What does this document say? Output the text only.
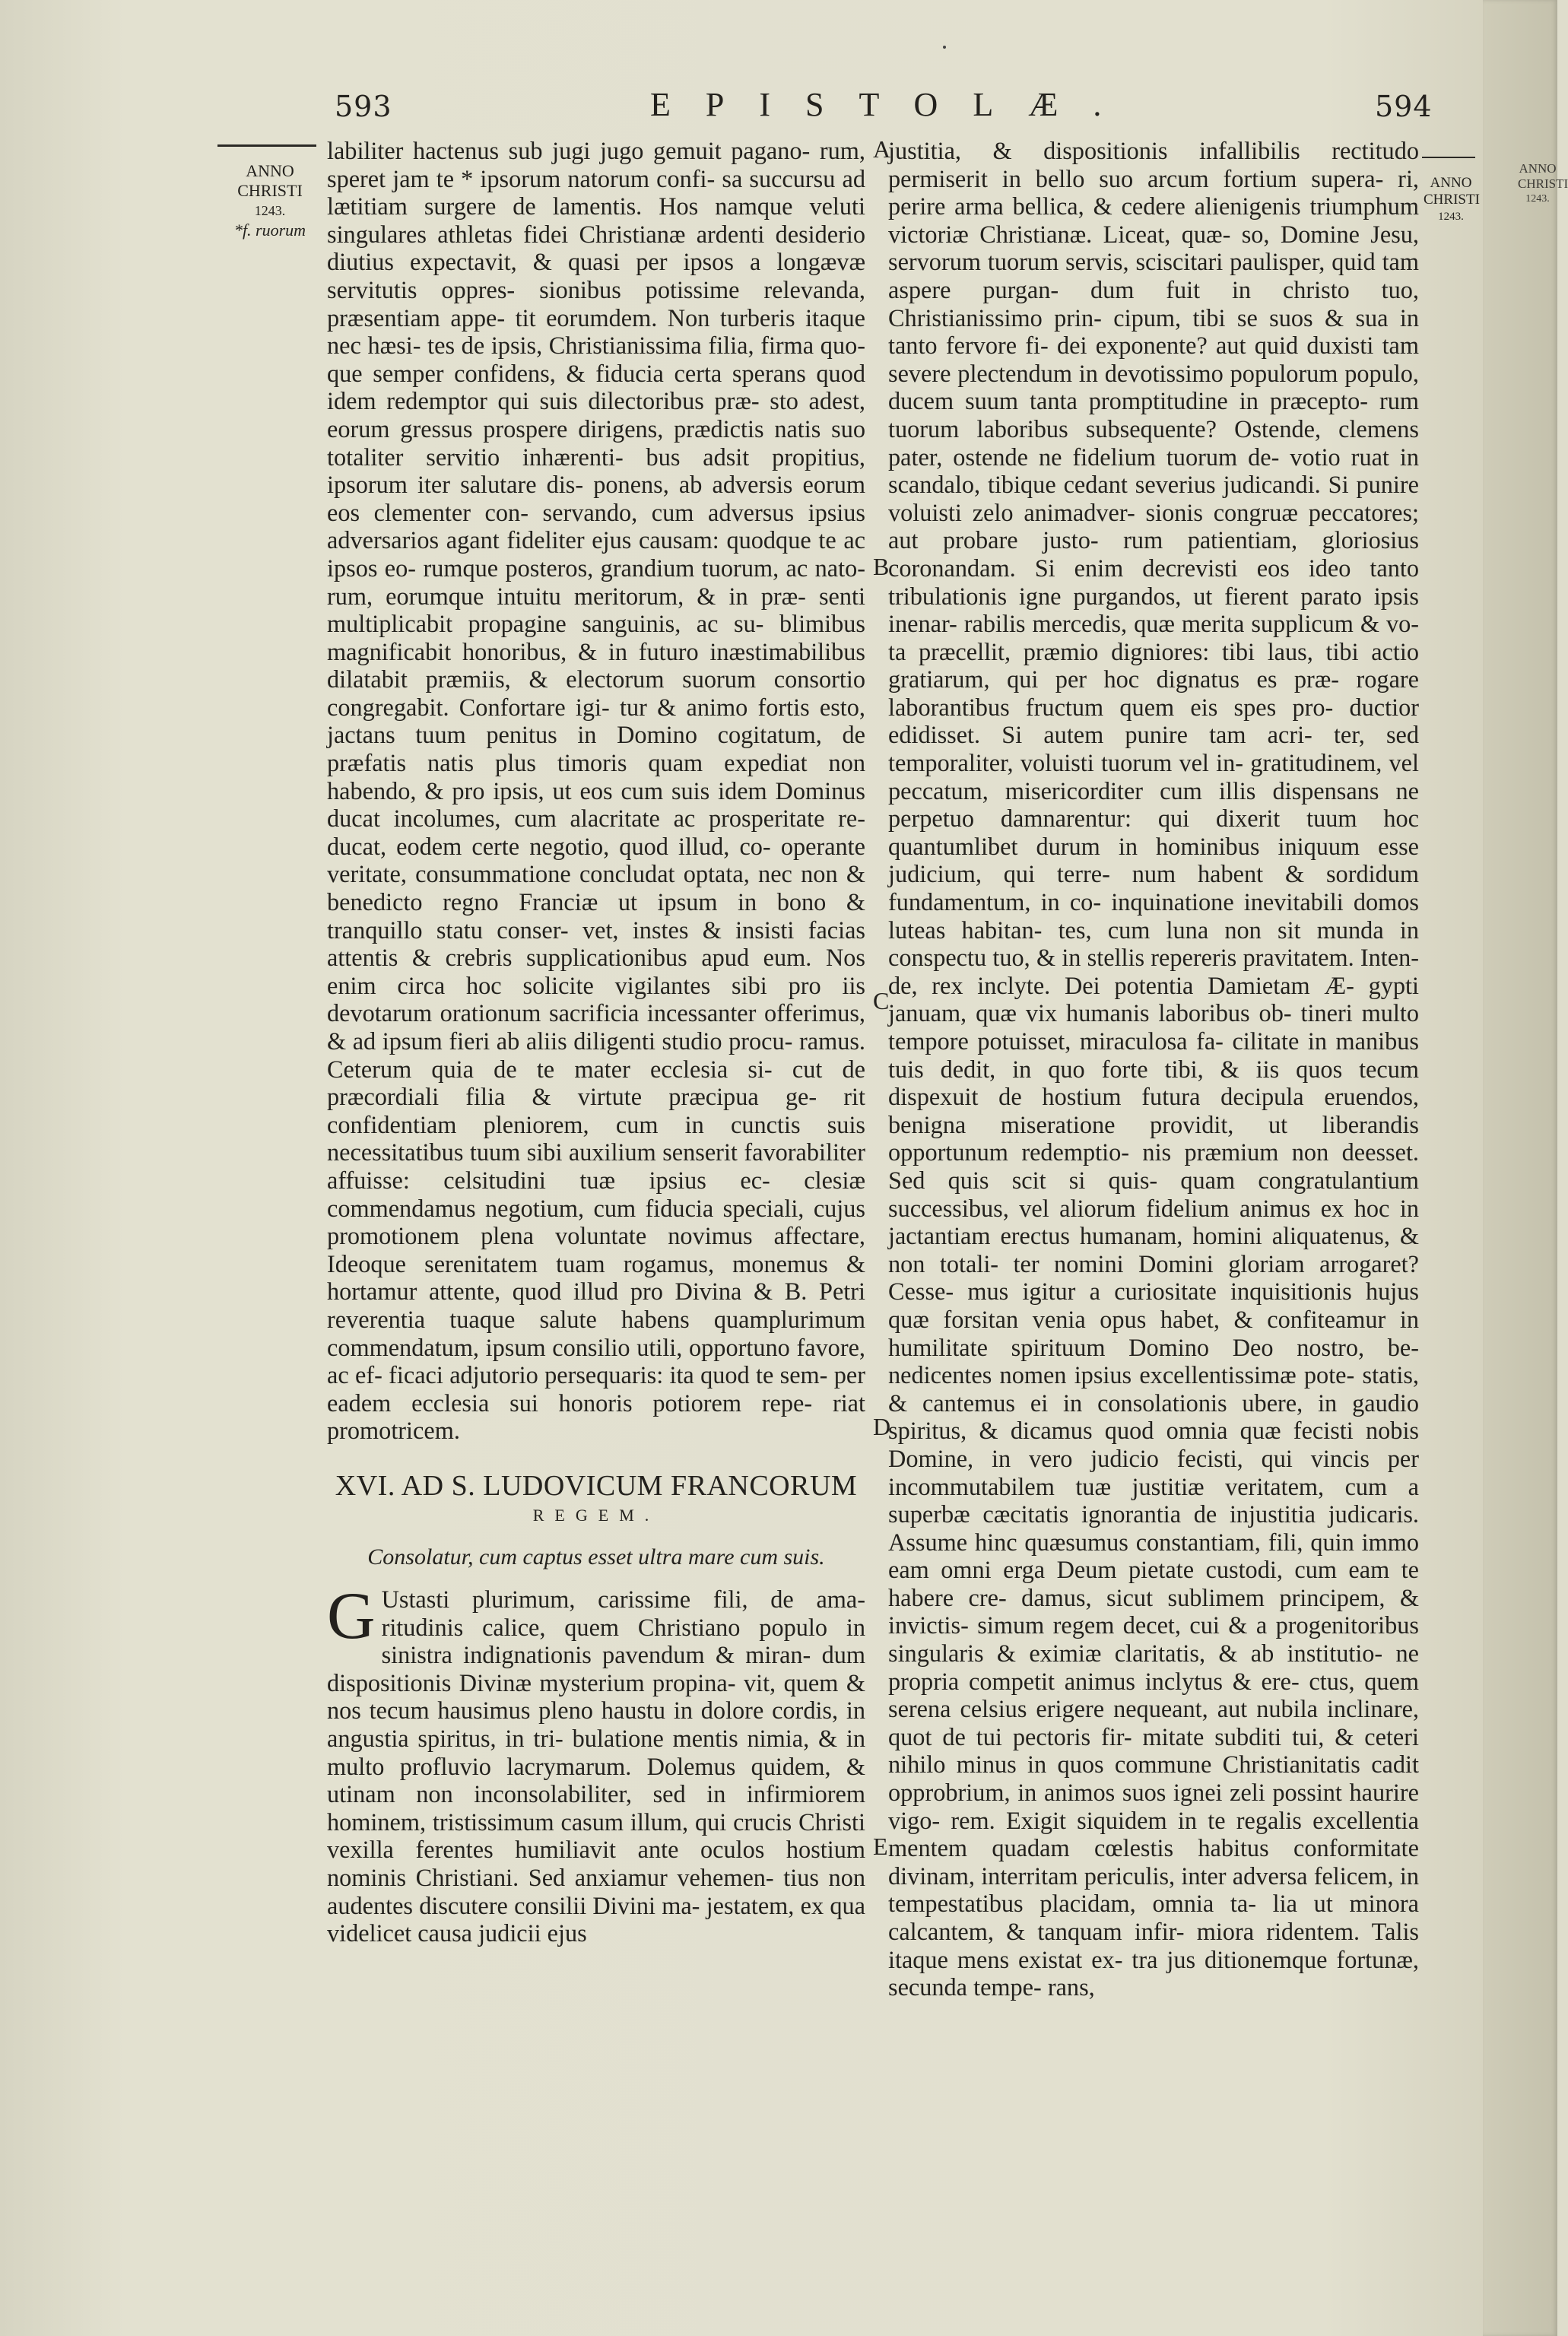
593	EPISTOLÆ.	594
ANNO
CHRISTI
1243.
*f. ruorum
ANNO
CHRISTI
1243.
ANNO
CHRISTI
1243.
A
B
C
D
E

labiliter hactenus sub jugi jugo gemuit pagano- rum, speret jam te * ipsorum natorum confi- sa succursu ad lætitiam surgere de lamentis. Hos namque veluti singulares athletas fidei Christianæ ardenti desiderio diutius expectavit, & quasi per ipsos a longævæ servitutis oppres- sionibus potissime relevanda, præsentiam appe- tit eorumdem. Non turberis itaque nec hæsi- tes de ipsis, Christianissima filia, firma quo- que semper confidens, & fiducia certa sperans quod idem redemptor qui suis dilectoribus præ- sto adest, eorum gressus prospere dirigens, prædictis natis suo totaliter servitio inhærenti- bus adsit propitius, ipsorum iter salutare dis- ponens, ab adversis eorum eos clementer con- servando, cum adversus ipsius adversarios agant fideliter ejus causam: quodque te ac ipsos eo- rumque posteros, grandium tuorum, ac nato- rum, eorumque intuitu meritorum, & in præ- senti multiplicabit propagine sanguinis, ac su- blimibus magnificabit honoribus, & in futuro inæstimabilibus dilatabit præmiis, & electorum suorum consortio congregabit. Confortare igi- tur & animo fortis esto, jactans tuum penitus in Domino cogitatum, de præfatis natis plus timoris quam expediat non habendo, & pro ipsis, ut eos cum suis idem Dominus ducat incolumes, cum alacritate ac prosperitate re- ducat, eodem certe negotio, quod illud, co- operante veritate, consummatione concludat optata, nec non & benedicto regno Franciæ ut ipsum in bono & tranquillo statu conser- vet, instes & insisti facias attentis & crebris supplicationibus apud eum. Nos enim circa hoc solicite vigilantes sibi pro iis devotarum orationum sacrificia incessanter offerimus, & ad ipsum fieri ab aliis diligenti studio procu- ramus. Ceterum quia de te mater ecclesia si- cut de præcordiali filia & virtute præcipua ge- rit confidentiam pleniorem, cum in cunctis suis necessitatibus tuum sibi auxilium senserit favorabiliter affuisse: celsitudini tuæ ipsius ec- clesiæ commendamus negotium, cum fiducia speciali, cujus promotionem plena voluntate novimus affectare, Ideoque serenitatem tuam rogamus, monemus & hortamur attente, quod illud pro Divina & B. Petri reverentia tuaque salute habens quamplurimum commendatum, ipsum consilio utili, opportuno favore, ac ef- ficaci adjutorio persequaris: ita quod te sem- per eadem ecclesia sui honoris potiorem repe- riat promotricem.

XVI. AD S. LUDOVICUM FRANCORUM

REGEM.

Consolatur, cum captus esset ultra mare cum suis.

G Ustasti plurimum, carissime fili, de ama- ritudinis calice, quem Christiano populo in sinistra indignationis pavendum & miran- dum dispositionis Divinæ mysterium propina- vit, quem & nos tecum hausimus pleno haustu in dolore cordis, in angustia spiritus, in tri- bulatione mentis nimia, & in multo profluvio lacrymarum. Dolemus quidem, & utinam non inconsolabiliter, sed in infirmiorem hominem, tristissimum casum illum, qui crucis Christi vexilla ferentes humiliavit ante oculos hostium nominis Christiani. Sed anxiamur vehemen- tius non audentes discutere consilii Divini ma- jestatem, ex qua videlicet causa judicii ejus

justitia, & dispositionis infallibilis rectitudo permiserit in bello suo arcum fortium supera- ri, perire arma bellica, & cedere alienigenis triumphum victoriæ Christianæ. Liceat, quæ- so, Domine Jesu, servorum tuorum servis, sciscitari paulisper, quid tam aspere purgan- dum fuit in christo tuo, Christianissimo prin- cipum, tibi se suos & sua in tanto fervore fi- dei exponente? aut quid duxisti tam severe plectendum in devotissimo populorum populo, ducem suum tanta promptitudine in præcepto- rum tuorum laboribus subsequente? Ostende, clemens pater, ostende ne fidelium tuorum de- votio ruat in scandalo, tibique cedant severius judicandi. Si punire voluisti zelo animadver- sionis congruæ peccatores; aut probare justo- rum patientiam, gloriosius coronandam. Si enim decrevisti eos ideo tanto tribulationis igne purgandos, ut fierent parato ipsis inenar- rabilis mercedis, quæ merita supplicum & vo- ta præcellit, præmio digniores: tibi laus, tibi actio gratiarum, qui per hoc dignatus es præ- rogare laborantibus fructum quem eis spes pro- ductior edidisset. Si autem punire tam acri- ter, sed temporaliter, voluisti tuorum vel in- gratitudinem, vel peccatum, misericorditer cum illis dispensans ne perpetuo damnarentur: qui dixerit tuum hoc quantumlibet durum in hominibus iniquum esse judicium, qui terre- num habent & sordidum fundamentum, in co- inquinatione inevitabili domos luteas habitan- tes, cum luna non sit munda in conspectu tuo, & in stellis repereris pravitatem. Inten- de, rex inclyte. Dei potentia Damietam Æ- gypti januam, quæ vix humanis laboribus ob- tineri multo tempore potuisset, miraculosa fa- cilitate in manibus tuis dedit, in quo forte tibi, & iis quos tecum dispexuit de hostium futura decipula eruendos, benigna miseratione providit, ut liberandis opportunum redemptio- nis præmium non deesset. Sed quis scit si quis- quam congratulantium successibus, vel aliorum fidelium animus ex hoc in jactantiam erectus humanam, homini aliquatenus, & non totali- ter nomini Domini gloriam arrogaret? Cesse- mus igitur a curiositate inquisitionis hujus quæ forsitan venia opus habet, & confiteamur in humilitate spirituum Domino Deo nostro, be- nedicentes nomen ipsius excellentissimæ pote- statis, & cantemus ei in consolationis ubere, in gaudio spiritus, & dicamus quod omnia quæ fecisti nobis Domine, in vero judicio fecisti, qui vincis per incommutabilem tuæ justitiæ veritatem, cum a superbæ cæcitatis ignorantia de injustitia judicaris. Assume hinc quæsumus constantiam, fili, quin immo eam omni erga Deum pietate custodi, cum eam te habere cre- damus, sicut sublimem principem, & invictis- simum regem decet, cui & a progenitoribus singularis & eximiæ claritatis, & ab institutio- ne propria competit animus inclytus & ere- ctus, quem serena celsius erigere nequeant, aut nubila inclinare, quot de tui pectoris fir- mitate subditi tui, & ceteri nihilo minus in quos commune Christianitatis cadit opprobrium, in animos suos ignei zeli possint haurire vigo- rem. Exigit siquidem in te regalis excellentia mentem quadam cœlestis habitus conformitate divinam, interritam periculis, inter adversa felicem, in tempestatibus placidam, omnia ta- lia ut minora calcantem, & tanquam infir- miora ridentem. Talis itaque mens existat ex- tra jus ditionemque fortunæ, secunda tempe- rans,
